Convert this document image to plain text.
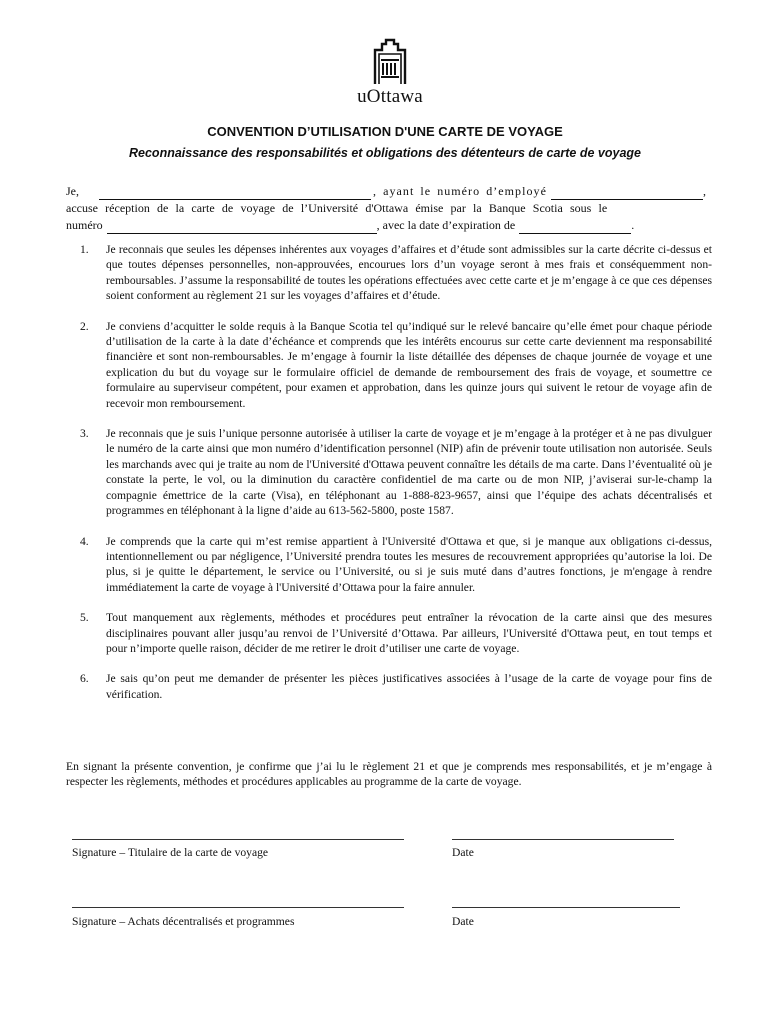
uOttawa
CONVENTION D’UTILISATION D'UNE CARTE DE VOYAGE
Reconnaissance des responsabilités et obligations des détenteurs de carte de voyage
Je,	, ayant le numéro d’employé	,
accuse réception de la carte de voyage de l’Université d'Ottawa émise par la Banque Scotia sous le
numéro	, avec la date d’expiration de	.
1. Je reconnais que seules les dépenses inhérentes aux voyages d’affaires et d’étude sont admissibles sur la carte décrite ci-dessus et que toutes dépenses personnelles, non-approuvées, encourues lors d’un voyage seront à mes frais et conséquemment non-remboursables. J’assume la responsabilité de toutes les opérations effectuées avec cette carte et je m’engage à ce que ces dépenses soient conforment au règlement 21 sur les voyages d’affaires et d’étude.
2. Je conviens d’acquitter le solde requis à la Banque Scotia tel qu’indiqué sur le relevé bancaire qu’elle émet pour chaque période d’utilisation de la carte à la date d’échéance et comprends que les intérêts encourus sur cette carte deviennent ma responsabilité financière et sont non-remboursables. Je m’engage à fournir la liste détaillée des dépenses de chaque journée de voyage et une explication du but du voyage sur le formulaire officiel de demande de remboursement des frais de voyage, et soumettre ce formulaire au superviseur compétent, pour examen et approbation, dans les quinze jours qui suivent le retour de voyage afin de recevoir mon remboursement.
3. Je reconnais que je suis l’unique personne autorisée à utiliser la carte de voyage et je m’engage à la protéger et à ne pas divulguer le numéro de la carte ainsi que mon numéro d’identification personnel (NIP) afin de prévenir toute utilisation non autorisée. Seuls les marchands avec qui je traite au nom de l'Université d'Ottawa peuvent connaître les détails de ma carte. Dans l’éventualité où je constate la perte, le vol, ou la diminution du caractère confidentiel de ma carte ou de mon NIP, j’aviserai sur-le-champ la compagnie émettrice de la carte (Visa), en téléphonant au 1-888-823-9657, ainsi que l’équipe des achats décentralisés et programmes en téléphonant à la ligne d’aide au 613-562-5800, poste 1587.
4. Je comprends que la carte qui m’est remise appartient à l'Université d'Ottawa et que, si je manque aux obligations ci-dessus, intentionnellement ou par négligence, l’Université prendra toutes les mesures de recouvrement appropriées qu’autorise la loi. De plus, si je quitte le département, le service ou l’Université, ou si je suis muté dans d’autres fonctions, je m'engage à rendre immédiatement la carte de voyage à l'Université d’Ottawa pour la faire annuler.
5. Tout manquement aux règlements, méthodes et procédures peut entraîner la révocation de la carte ainsi que des mesures disciplinaires pouvant aller jusqu’au renvoi de l’Université d’Ottawa. Par ailleurs, l'Université d'Ottawa peut, en tout temps et pour n’importe quelle raison, décider de me retirer le droit d’utiliser une carte de voyage.
6. Je sais qu’on peut me demander de présenter les pièces justificatives associées à l’usage de la carte de voyage pour fins de vérification.
En signant la présente convention, je confirme que j’ai lu le règlement 21 et que je comprends mes responsabilités, et je m’engage à respecter les règlements, méthodes et procédures applicables au programme de la carte de voyage.
Signature – Titulaire de la carte de voyage	Date
Signature – Achats décentralisés et programmes	Date
